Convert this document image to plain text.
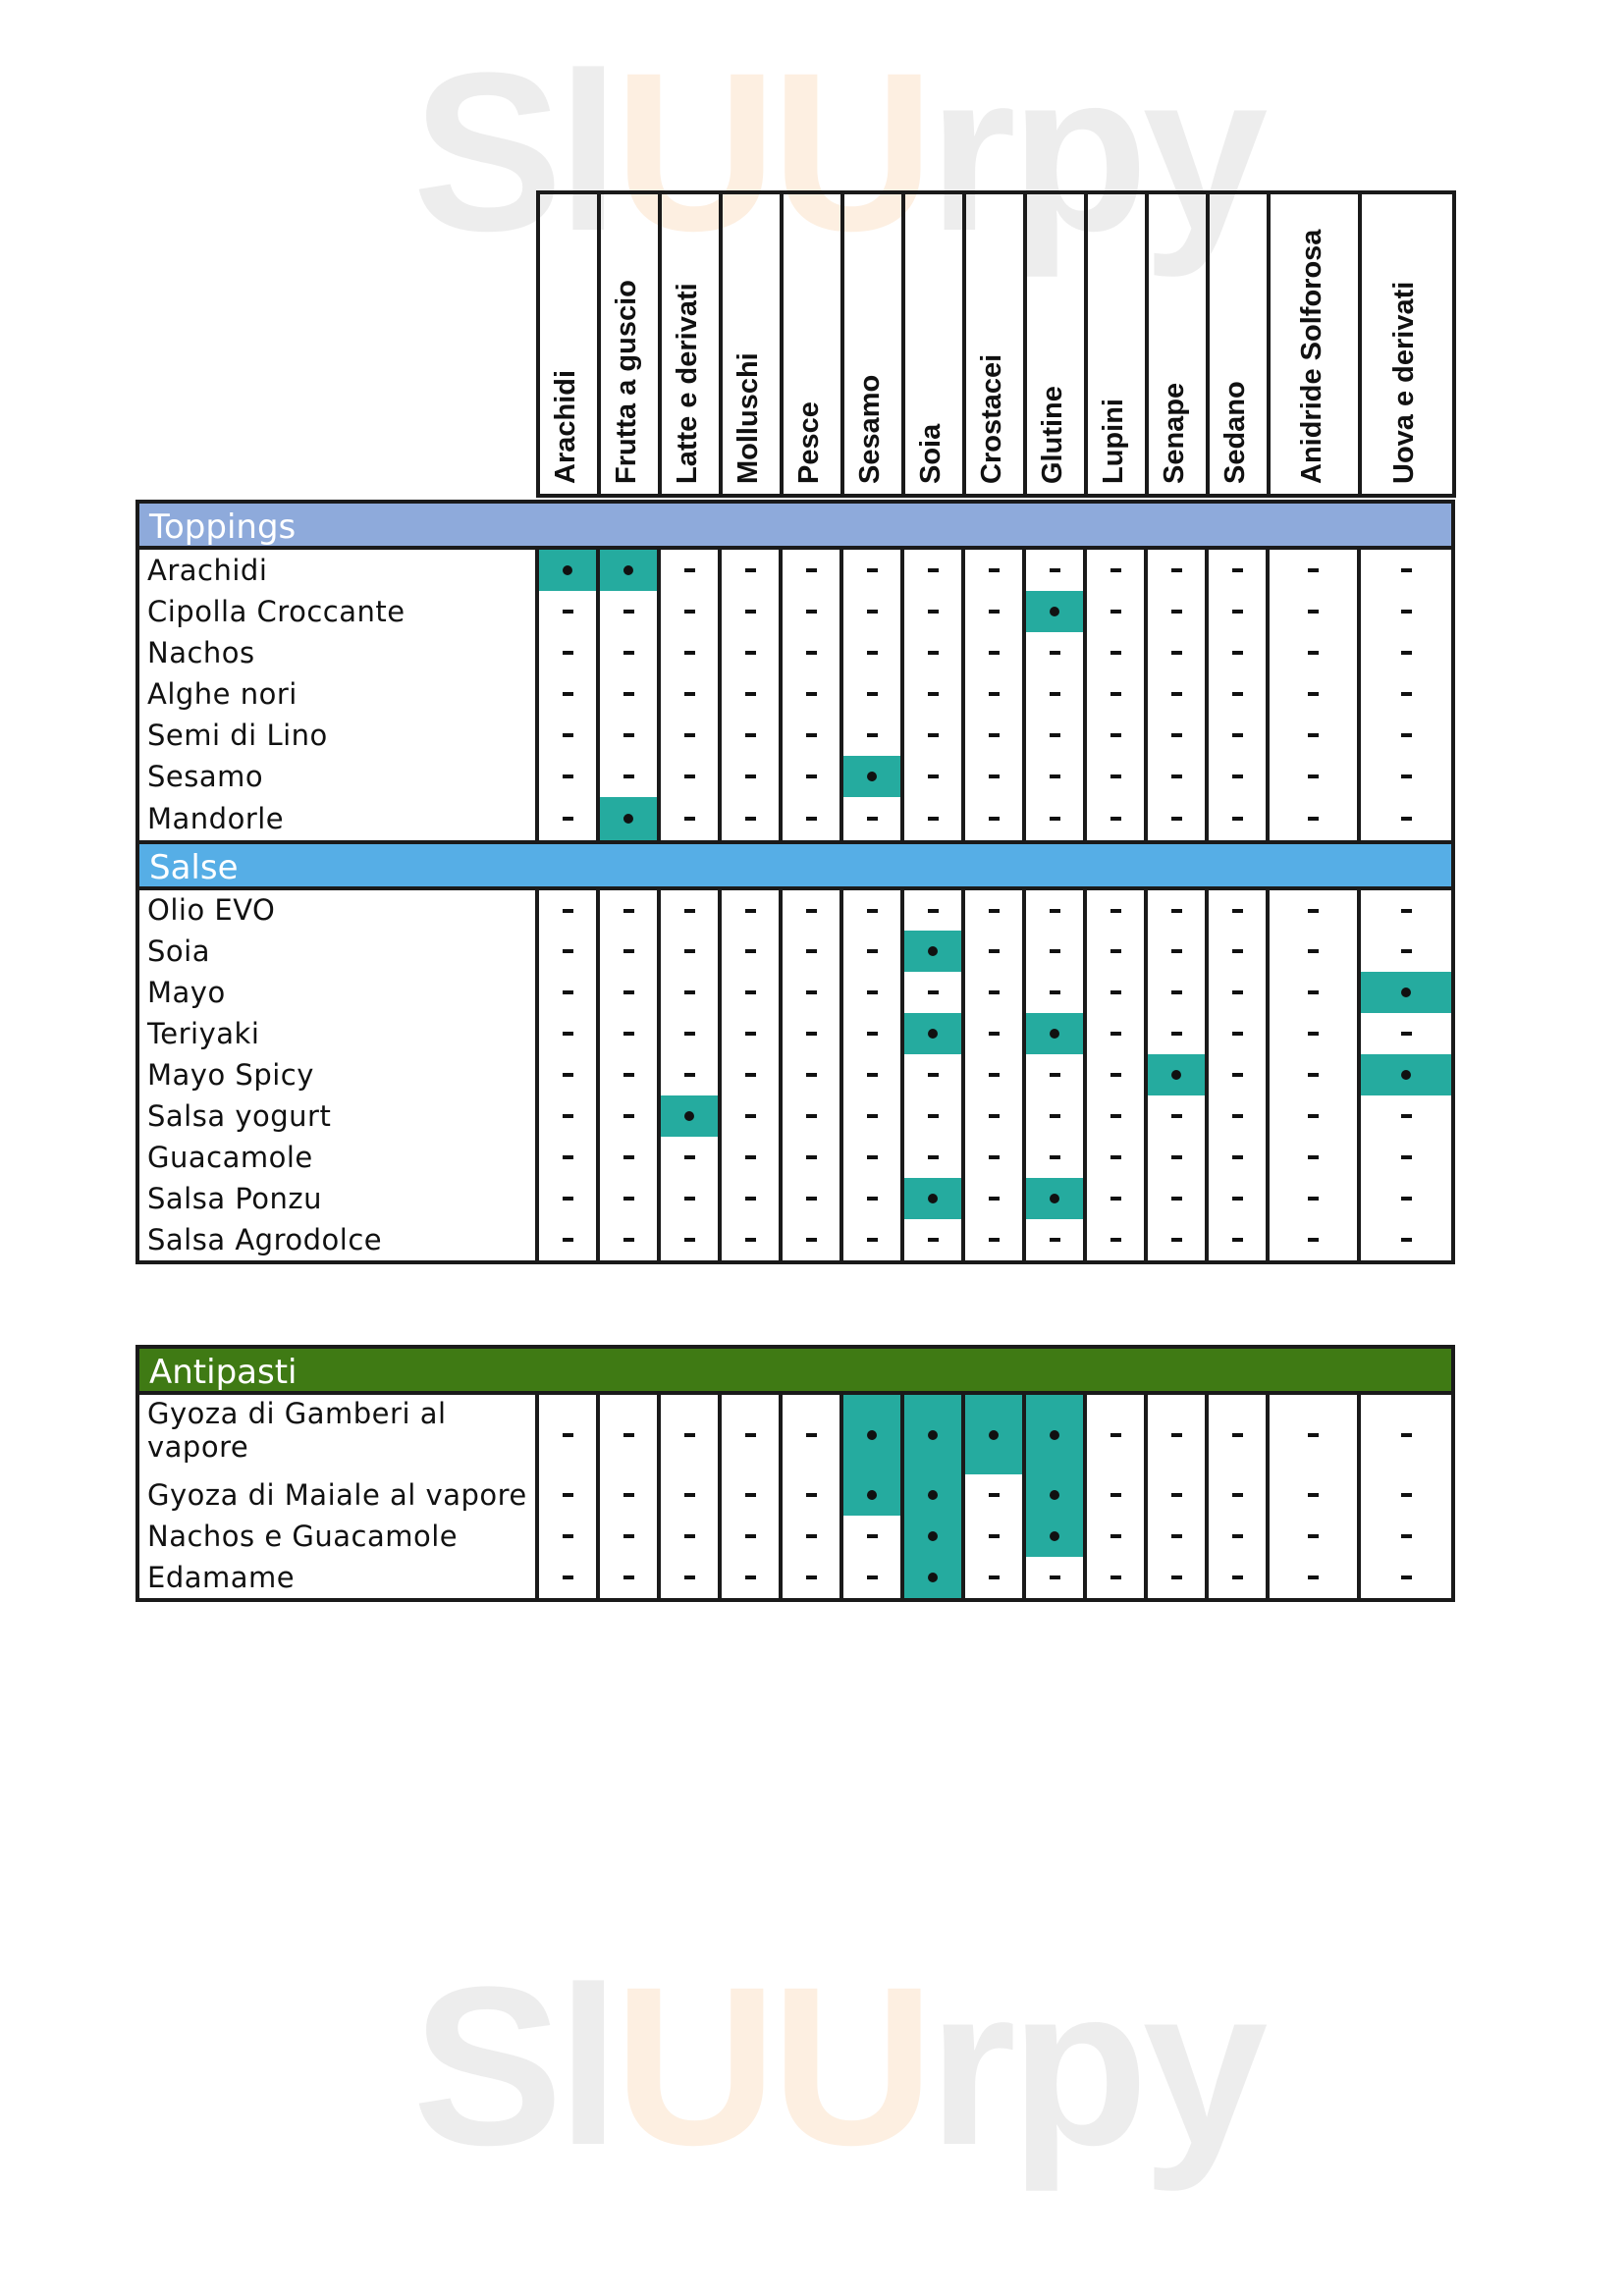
SlUUrpy
SlUUrpy
Arachidi Frutta a guscio Latte e derivati Molluschi Pesce Sesamo Soia Crostacei Glutine Lupini Senape Sedano Anidride Solforosa Uova e derivati
Toppings
Arachidi
Cipolla Croccante
Nachos
Alghe nori
Semi di Lino
Sesamo
Mandorle
Salse
Olio EVO
Soia
Mayo
Teriyaki
Mayo Spicy
Salsa yogurt
Guacamole
Salsa Ponzu
Salsa Agrodolce
Antipasti
Gyoza di Gamberi al vapore
Gyoza di Maiale al vapore
Nachos e Guacamole
Edamame
